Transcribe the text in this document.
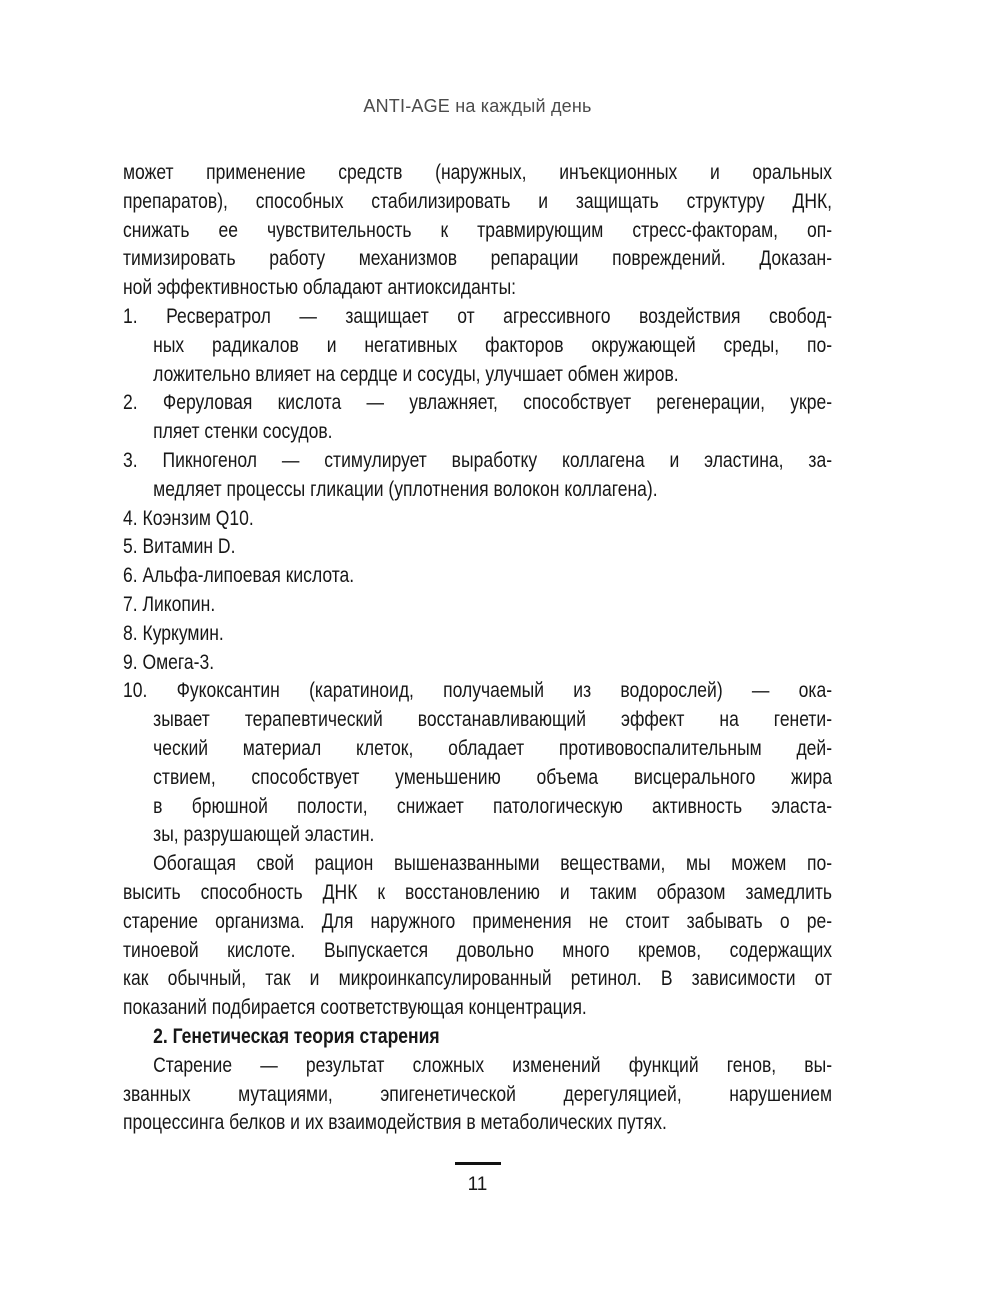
ANTI-AGE на каждый день
может применение средств (наружных, инъекционных и оральных
препаратов), способных стабилизировать и защищать структуру ДНК,
снижать ее чувствительность к травмирующим стресс-факторам, оп-
тимизировать работу механизмов репарации повреждений. Доказан-
ной эффективностью обладают антиоксиданты:
1. Ресвератрол — защищает от агрессивного воздействия свобод-
ных радикалов и негативных факторов окружающей среды, по-
ложительно влияет на сердце и сосуды, улучшает обмен жиров.
2. Феруловая кислота — увлажняет, способствует регенерации, укре-
пляет стенки сосудов.
3. Пикногенол — стимулирует выработку коллагена и эластина, за-
медляет процессы гликации (уплотнения волокон коллагена).
4. Коэнзим Q10.
5. Витамин D.
6. Альфа-липоевая кислота.
7. Ликопин.
8. Куркумин.
9. Омега-3.
10. Фукоксантин (каратиноид, получаемый из водорослей) — ока-
зывает терапевтический восстанавливающий эффект на генети-
ческий материал клеток, обладает противовоспалительным дей-
ствием, способствует уменьшению объема висцерального жира
в брюшной полости, снижает патологическую активность эласта-
зы, разрушающей эластин.
Обогащая свой рацион вышеназванными веществами, мы можем по-
высить способность ДНК к восстановлению и таким образом замедлить
старение организма. Для наружного применения не стоит забывать о ре-
тиноевой кислоте. Выпускается довольно много кремов, содержащих
как обычный, так и микроинкапсулированный ретинол. В зависимости от
показаний подбирается соответствующая концентрация.
2. Генетическая теория старения
Старение — результат сложных изменений функций генов, вы-
званных мутациями, эпигенетической дерегуляцией, нарушением
процессинга белков и их взаимодействия в метаболических путях.
11
